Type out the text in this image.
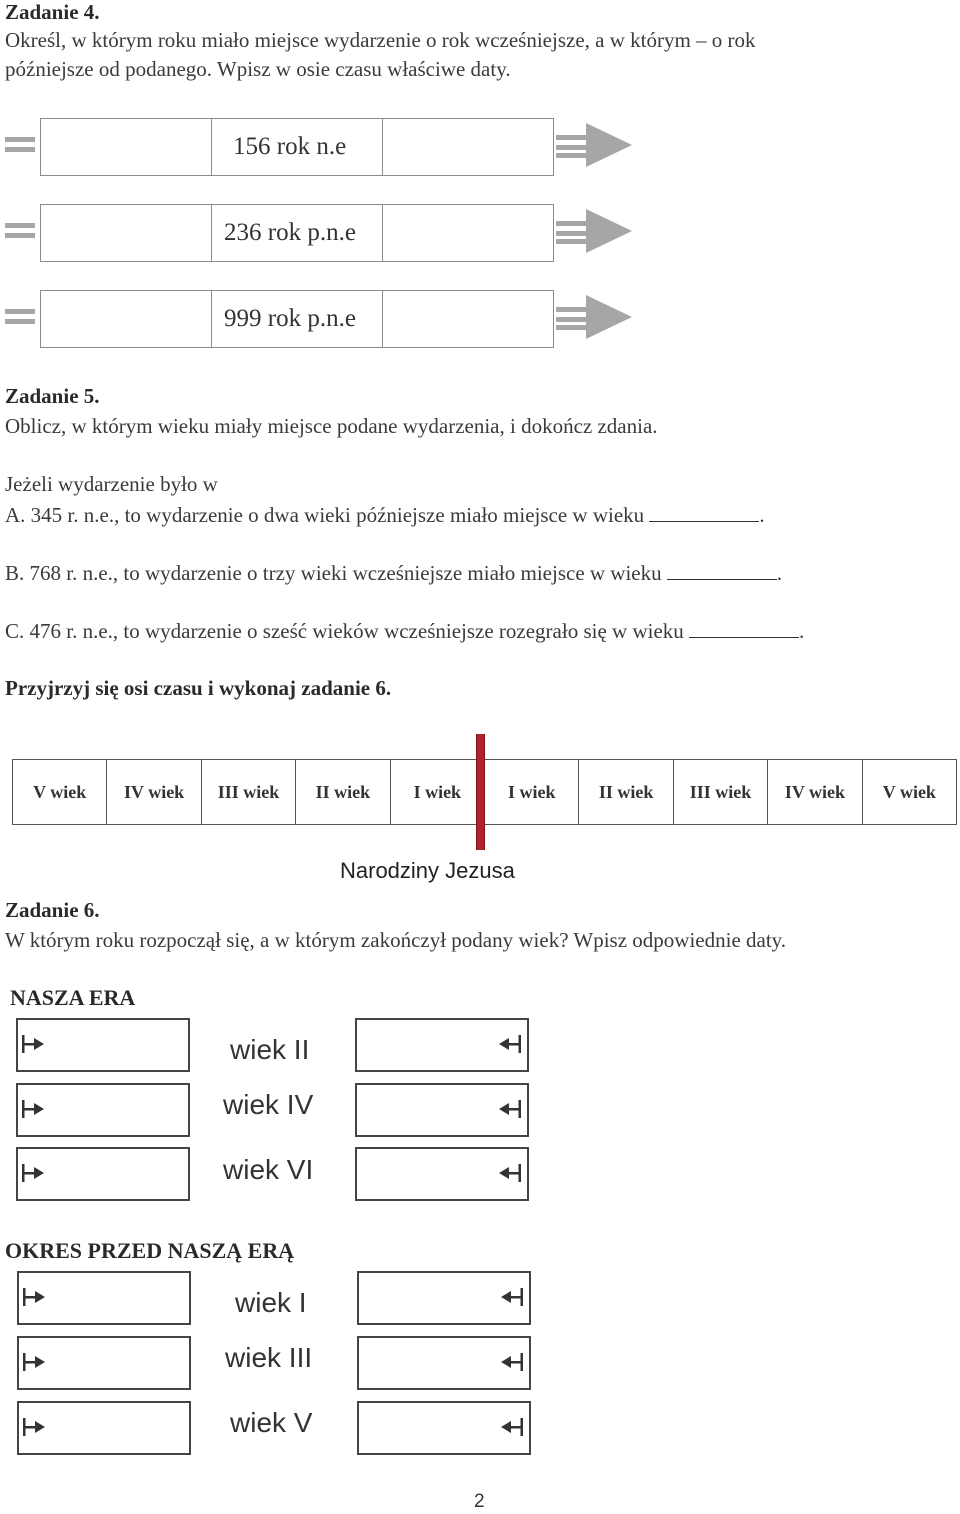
Zadanie 4.
Określ, w którym roku miało miejsce wydarzenie o rok wcześniejsze, a w którym – o rok
późniejsze od podanego. Wpisz w osie czasu właściwe daty.
156 rok n.e
236 rok p.n.e
999 rok p.n.e
Zadanie 5.
Oblicz, w którym wieku miały miejsce podane wydarzenia, i dokończ zdania.
Jeżeli wydarzenie było w
A. 345 r. n.e., to wydarzenie o dwa wieki późniejsze miało miejsce w wieku	.
B. 768 r. n.e., to wydarzenie o trzy wieki wcześniejsze miało miejsce w wieku	.
C. 476 r. n.e., to wydarzenie o sześć wieków wcześniejsze rozegrało się w wieku	.
Przyjrzyj się osi czasu i wykonaj zadanie 6.
V wiek	IV wiek	III wiek	II wiek	I wiek	I wiek	II wiek	III wiek	IV wiek	V wiek
Narodziny Jezusa
Zadanie 6.
W którym roku rozpoczął się, a w którym zakończył podany wiek? Wpisz odpowiednie daty.
NASZA ERA
wiek II
wiek IV
wiek VI
OKRES PRZED NASZĄ ERĄ
wiek I
wiek III
wiek V
2
